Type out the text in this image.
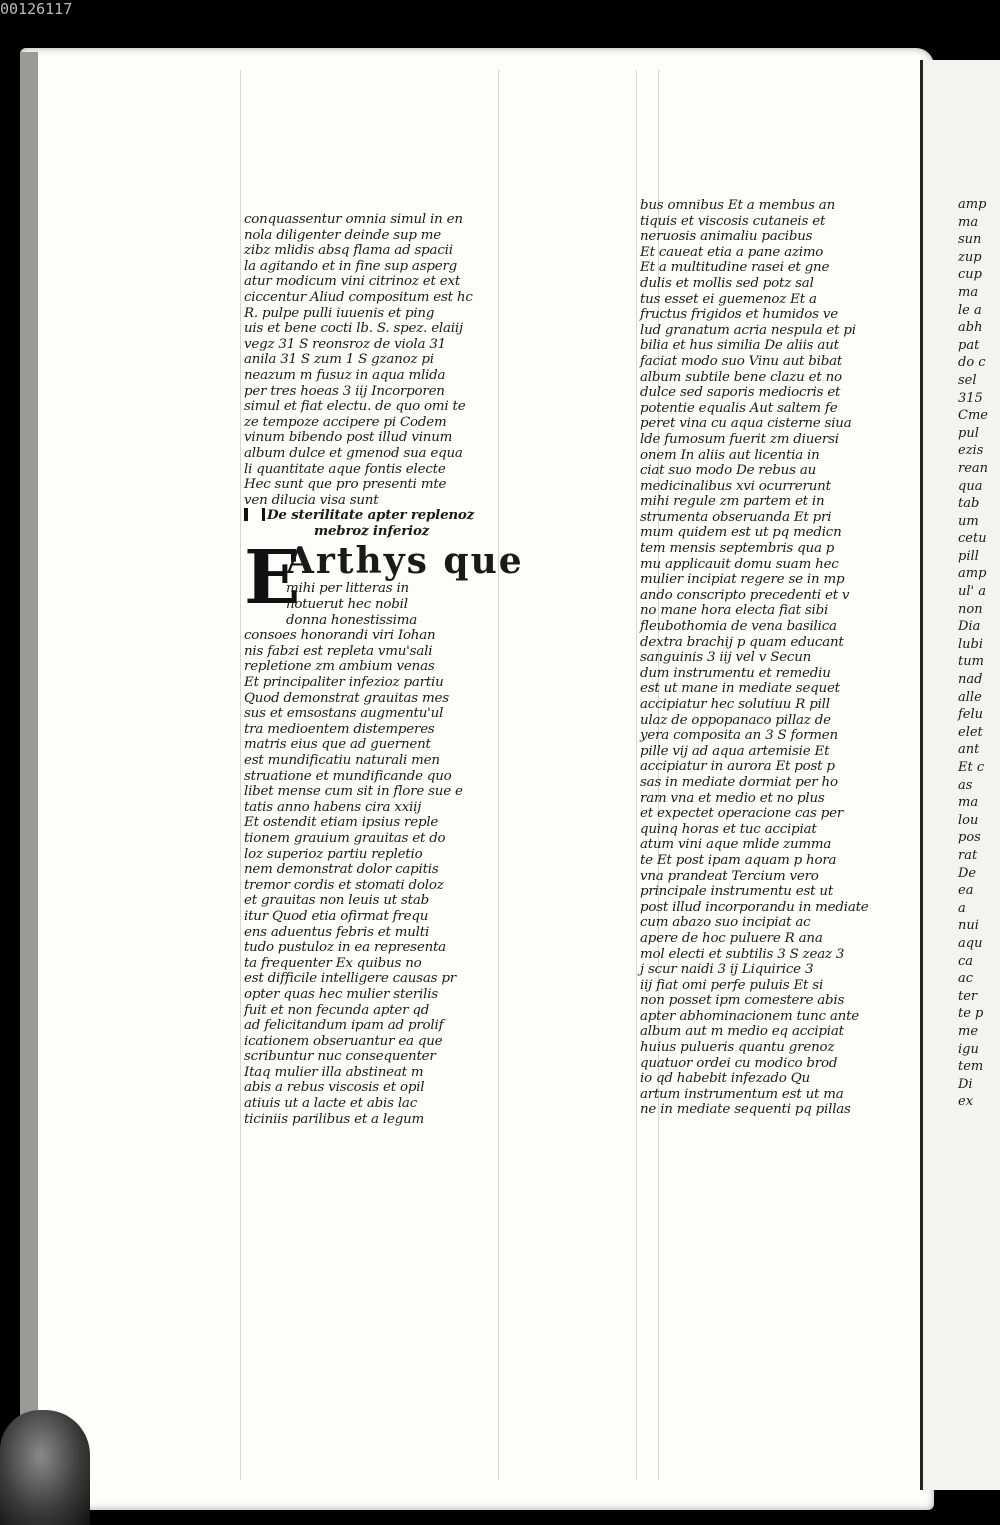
00126117
conquassentur omnia simul in en
nola diligenter deinde sup me
zibz mlidis absq flama ad spacii
la agitando et in fine sup asperg
atur modicum vini citrinoz et ext
ciccentur Aliud compositum est hc
R. pulpe pulli iuuenis et ping
uis et bene cocti lb. S. spez. elaiij
vegz 31 S reonsroz de viola 31
anila 31 S zum 1 S gzanoz pi
neazum m fusuz in aqua mlida
per tres hoeas 3 iij Incorporen
simul et fiat electu. de quo omi te
ze tempoze accipere pi Codem
vinum bibendo post illud vinum
album dulce et gmenod sua equa
li quantitate aque fontis electe
Hec sunt que pro presenti mte
ven dilucia visa sunt
De sterilitate apter replenoz
mebroz inferioz
E
Arthys que
mihi per litteras in
notuerut hec nobil
donna honestissima
consoes honorandi viri Iohan
nis fabzi est repleta vmu'sali
repletione zm ambium venas
Et principaliter infezioz partiu
Quod demonstrat grauitas mes
sus et emsostans augmentu'ul
tra medioentem distemperes
matris eius que ad guernent
est mundificatiu naturali men
struatione et mundificande quo
libet mense cum sit in flore sue e
tatis anno habens cira xxiij
Et ostendit etiam ipsius reple
tionem grauium grauitas et do
loz superioz partiu repletio
nem demonstrat dolor capitis
tremor cordis et stomati doloz
et grauitas non leuis ut stab
itur Quod etia ofirmat frequ
ens aduentus febris et multi
tudo pustuloz in ea representa
ta frequenter Ex quibus no
est difficile intelligere causas pr
opter quas hec mulier sterilis
fuit et non fecunda apter qd
ad felicitandum ipam ad prolif
icationem obseruantur ea que
scribuntur nuc consequenter
Itaq mulier illa abstineat m
abis a rebus viscosis et opil
atiuis ut a lacte et abis lac
ticiniis parilibus et a legum
bus omnibus Et a membus an
tiquis et viscosis cutaneis et
neruosis animaliu pacibus
Et caueat etia a pane azimo
Et a multitudine rasei et gne
dulis et mollis sed potz sal
tus esset ei guemenoz Et a
fructus frigidos et humidos ve
lud granatum acria nespula et pi
bilia et hus similia De aliis aut
faciat modo suo Vinu aut bibat
album subtile bene clazu et no
dulce sed saporis mediocris et
potentie equalis Aut saltem fe
peret vina cu aqua cisterne siua
lde fumosum fuerit zm diuersi
onem In aliis aut licentia in
ciat suo modo De rebus au
medicinalibus xvi ocurrerunt
mihi regule zm partem et in
strumenta obseruanda Et pri
mum quidem est ut pq medicn
tem mensis septembris qua p
mu applicauit domu suam hec
mulier incipiat regere se in mp
ando conscripto precedenti et v
no mane hora electa fiat sibi
fleubothomia de vena basilica
dextra brachij p quam educant
sanguinis 3 iij vel v Secun
dum instrumentu et remediu
est ut mane in mediate sequet
accipiatur hec solutiuu R pill
ulaz de oppopanaco pillaz de
yera composita an 3 S formen
pille vij ad aqua artemisie Et
accipiatur in aurora Et post p
sas in mediate dormiat per ho
ram vna et medio et no plus
et expectet operacione cas per
quinq horas et tuc accipiat
atum vini aque mlide zumma
te Et post ipam aquam p hora
vna prandeat Tercium vero
principale instrumentu est ut
post illud incorporandu in mediate
cum abazo suo incipiat ac
apere de hoc puluere R ana
mol electi et subtilis 3 S zeaz 3
j scur naidi 3 ij Liquirice 3
iij fiat omi perfe puluis Et si
non posset ipm comestere abis
apter abhominacionem tunc ante
album aut m medio eq accipiat
huius pulueris quantu grenoz
quatuor ordei cu modico brod
io qd habebit infezado Qu
artum instrumentum est ut ma
ne in mediate sequenti pq pillas
amp
ma
sun
zup
cup
ma
le a
abh
pat
do c
sel
315
Cme
pul
ezis
rean
qua
tab
um
cetu
pill
amp
ul' a
non
Dia
lubi
tum
nad
alle
felu
elet
ant
Et c
as
ma
lou
pos
rat
De
ea
a
nui
aqu
ca
ac
ter
te p
me
igu
tem
Di
ex
